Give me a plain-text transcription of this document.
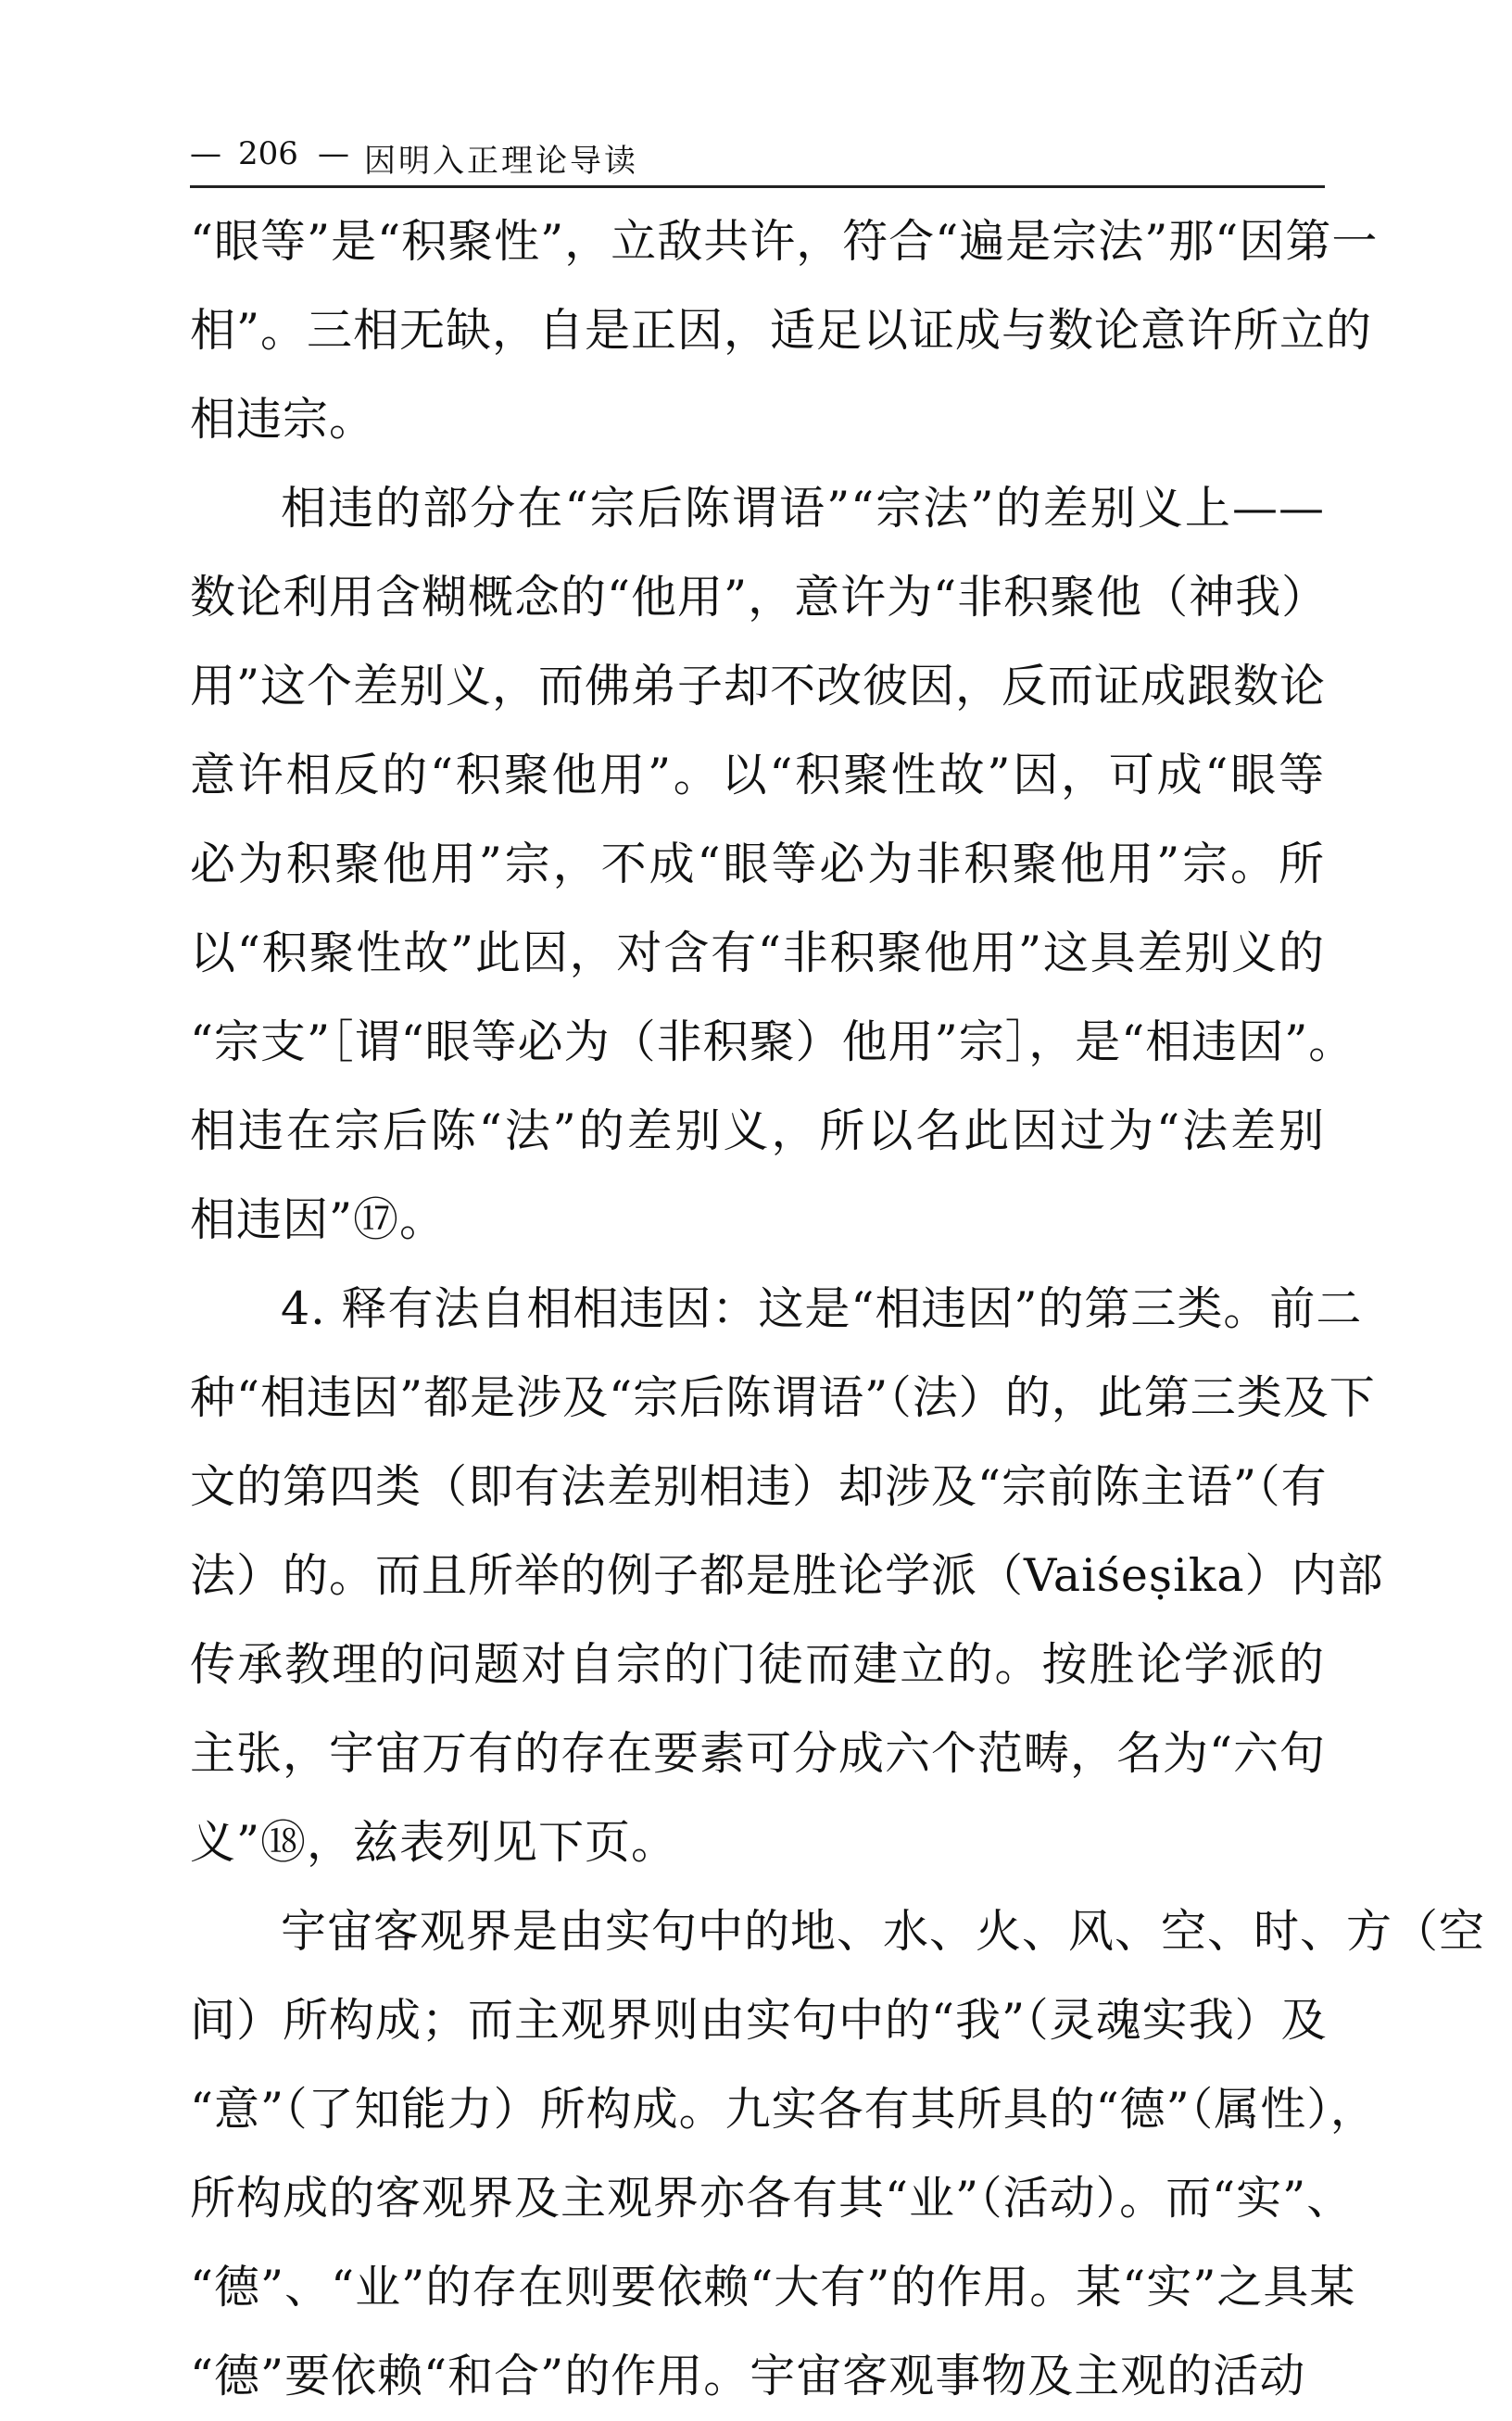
— 206 — 因明入正理论导读
“眼等”是“积聚性”，立敌共许，符合“遍是宗法”那“因第一
相”。三相无缺，自是正因，适足以证成与数论意许所立的
相违宗。
相违的部分在“宗后陈谓语”“宗法”的差别义上——
数论利用含糊概念的“他用”，意许为“非积聚他（神我）
用”这个差别义，而佛弟子却不改彼因，反而证成跟数论
意许相反的“积聚他用”。以“积聚性故”因，可成“眼等
必为积聚他用”宗，不成“眼等必为非积聚他用”宗。所
以“积聚性故”此因，对含有“非积聚他用”这具差别义的
“宗支”［谓“眼等必为（非积聚）他用”宗］，是“相违因”。
相违在宗后陈“法”的差别义，所以名此因过为“法差别
相违因”⑰。
4. 释有法自相相违因：这是“相违因”的第三类。前二
种“相违因”都是涉及“宗后陈谓语”（法）的，此第三类及下
文的第四类（即有法差别相违）却涉及“宗前陈主语”（有
法）的。而且所举的例子都是胜论学派（Vaiśeṣika）内部
传承教理的问题对自宗的门徒而建立的。按胜论学派的
主张，宇宙万有的存在要素可分成六个范畴，名为“六句
义”⑱，兹表列见下页。
宇宙客观界是由实句中的地、水、火、风、空、时、方（空
间）所构成；而主观界则由实句中的“我”（灵魂实我）及
“意”（了知能力）所构成。九实各有其所具的“德”（属性），
所构成的客观界及主观界亦各有其“业”（活动）。而“实”、
“德”、“业”的存在则要依赖“大有”的作用。某“实”之具某
“德”要依赖“和合”的作用。宇宙客观事物及主观的活动
